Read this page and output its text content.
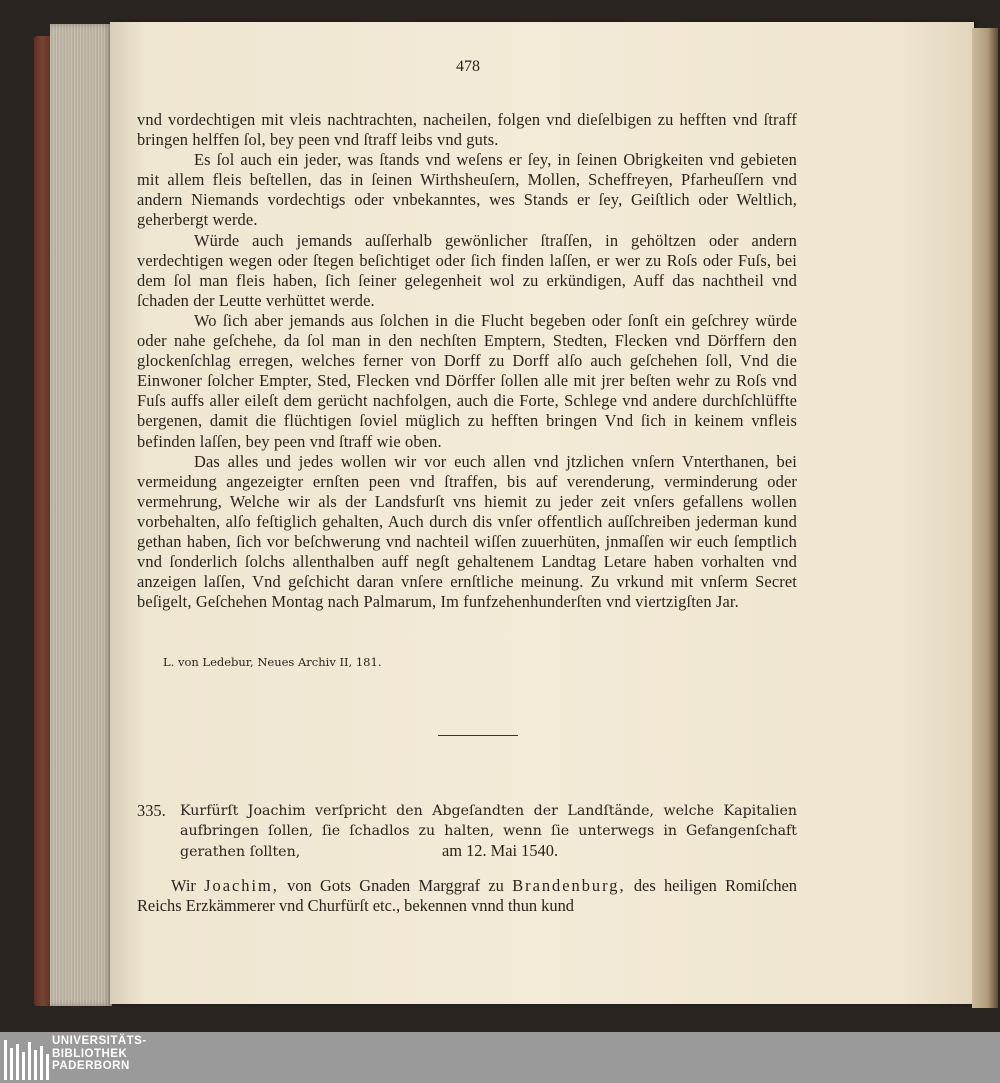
478

vnd vordechtigen mit vleis nachtrachten, nacheilen, folgen vnd dieſelbigen zu hefften vnd ſtraff bringen helffen ſol, bey peen vnd ſtraff leibs vnd guts.

Es ſol auch ein jeder, was ſtands vnd weſens er ſey, in ſeinen Obrigkeiten vnd gebieten mit allem fleis beſtellen, das in ſeinen Wirthsheuſern, Mollen, Scheffreyen, Pfarheuſſern vnd andern Niemands vordechtigs oder vnbekanntes, wes Stands er ſey, Geiſtlich oder Weltlich, geherbergt werde.

Würde auch jemands auſſerhalb gewönlicher ſtraſſen, in gehöltzen oder andern verdechtigen wegen oder ſtegen beſichtiget oder ſich finden laſſen, er wer zu Roſs oder Fuſs, bei dem ſol man fleis haben, ſich ſeiner gelegenheit wol zu erkündigen, Auff das nachtheil vnd ſchaden der Leutte verhüttet werde.

Wo ſich aber jemands aus ſolchen in die Flucht begeben oder ſonſt ein geſchrey würde oder nahe geſchehe, da ſol man in den nechſten Emptern, Stedten, Flecken vnd Dörffern den glockenſchlag erregen, welches ferner von Dorff zu Dorff alſo auch geſchehen ſoll, Vnd die Einwoner ſolcher Empter, Sted, Flecken vnd Dörffer ſollen alle mit jrer beſten wehr zu Roſs vnd Fuſs auffs aller eileſt dem gerücht nachfolgen, auch die Forte, Schlege vnd andere durchſchlüffte bergenen, damit die flüchtigen ſoviel müglich zu hefften bringen Vnd ſich in keinem vnfleis befinden laſſen, bey peen vnd ſtraff wie oben.

Das alles und jedes wollen wir vor euch allen vnd jtzlichen vnſern Vnterthanen, bei vermeidung angezeigter ernſten peen vnd ſtraffen, bis auf verenderung, verminderung oder vermehrung, Welche wir als der Landsfurſt vns hiemit zu jeder zeit vnſers gefallens wollen vorbehalten, alſo feſtiglich gehalten, Auch durch dis vnſer offentlich auſſchreiben jederman kund gethan haben, ſich vor beſchwerung vnd nachteil wiſſen zuuerhüten, jnmaſſen wir euch ſemptlich vnd ſonderlich ſolchs allenthalben auff negſt gehaltenem Landtag Letare haben vorhalten vnd anzeigen laſſen, Vnd geſchicht daran vnſere ernſtliche meinung. Zu vrkund mit vnſerm Secret beſigelt, Geſchehen Montag nach Palmarum, Im funfzehenhunderſten vnd viertzigſten Jar.

L. von Ledebur, Neues Archiv II, 181.
335. Kurfürſt Joachim verſpricht den Abgeſandten der Landſtände, welche Kapitalien aufbringen ſollen, ſie ſchadlos zu halten, wenn ſie unterwegs in Gefangenſchaft gerathen ſollten,	am 12. Mai 1540.
Wir Joachim, von Gots Gnaden Marggraf zu Brandenburg, des heiligen Romiſchen Reichs Erzkämmerer vnd Churfürſt etc., bekennen vnnd thun kund
UNIVERSITÄTS-
BIBLIOTHEK
PADERBORN
